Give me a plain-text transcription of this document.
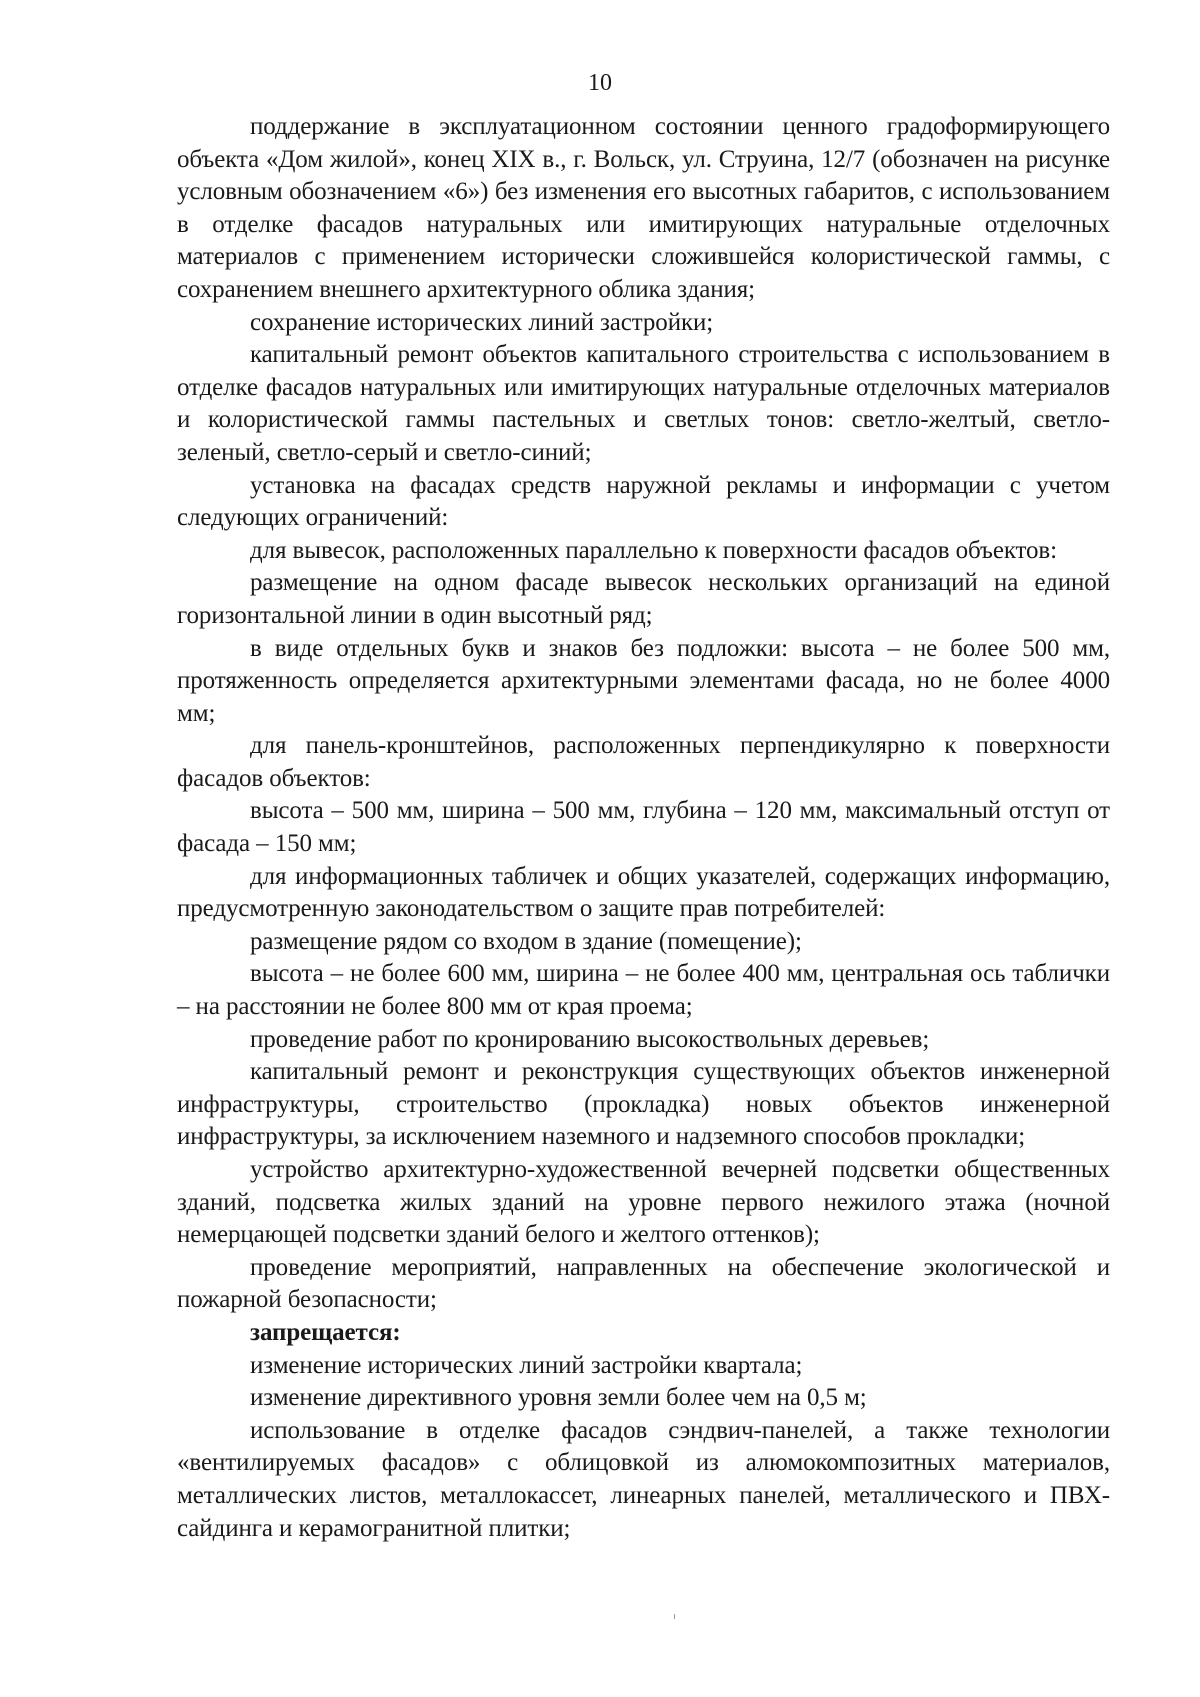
10

поддержание в эксплуатационном состоянии ценного градоформирующего объекта «Дом жилой», конец XIX в., г. Вольск, ул. Струина, 12/7 (обозначен на рисунке условным обозначением «6») без изменения его высотных габаритов, с использованием в отделке фасадов натуральных или имитирующих натуральные отделочных материалов с применением исторически сложившейся колористической гаммы, с сохранением внешнего архитектурного облика здания;

сохранение исторических линий застройки;

капитальный ремонт объектов капитального строительства с использованием в отделке фасадов натуральных или имитирующих натуральные отделочных материалов и колористической гаммы пастельных и светлых тонов: светло-желтый, светло-зеленый, светло-серый и светло-синий;

установка на фасадах средств наружной рекламы и информации с учетом следующих ограничений:

для вывесок, расположенных параллельно к поверхности фасадов объектов:

размещение на одном фасаде вывесок нескольких организаций на единой горизонтальной линии в один высотный ряд;

в виде отдельных букв и знаков без подложки: высота – не более 500 мм, протяженность определяется архитектурными элементами фасада, но не более 4000 мм;

для панель-кронштейнов, расположенных перпендикулярно к поверхности фасадов объектов:

высота – 500 мм, ширина – 500 мм, глубина – 120 мм, максимальный отступ от фасада – 150 мм;

для информационных табличек и общих указателей, содержащих информацию, предусмотренную законодательством о защите прав потребителей:

размещение рядом со входом в здание (помещение);

высота – не более 600 мм, ширина – не более 400 мм, центральная ось таблички – на расстоянии не более 800 мм от края проема;

проведение работ по кронированию высокоствольных деревьев;

капитальный ремонт и реконструкция существующих объектов инженерной инфраструктуры, строительство (прокладка) новых объектов инженерной инфраструктуры, за исключением наземного и надземного способов прокладки;

устройство архитектурно-художественной вечерней подсветки общественных зданий, подсветка жилых зданий на уровне первого нежилого этажа (ночной немерцающей подсветки зданий белого и желтого оттенков);

проведение мероприятий, направленных на обеспечение экологической и пожарной безопасности;

запрещается:

изменение исторических линий застройки квартала;

изменение директивного уровня земли более чем на 0,5 м;

использование в отделке фасадов сэндвич-панелей, а также технологии «вентилируемых фасадов» с облицовкой из алюмокомпозитных материалов, металлических листов, металлокассет, линеарных панелей, металлического и ПВХ-сайдинга и керамогранитной плитки;
